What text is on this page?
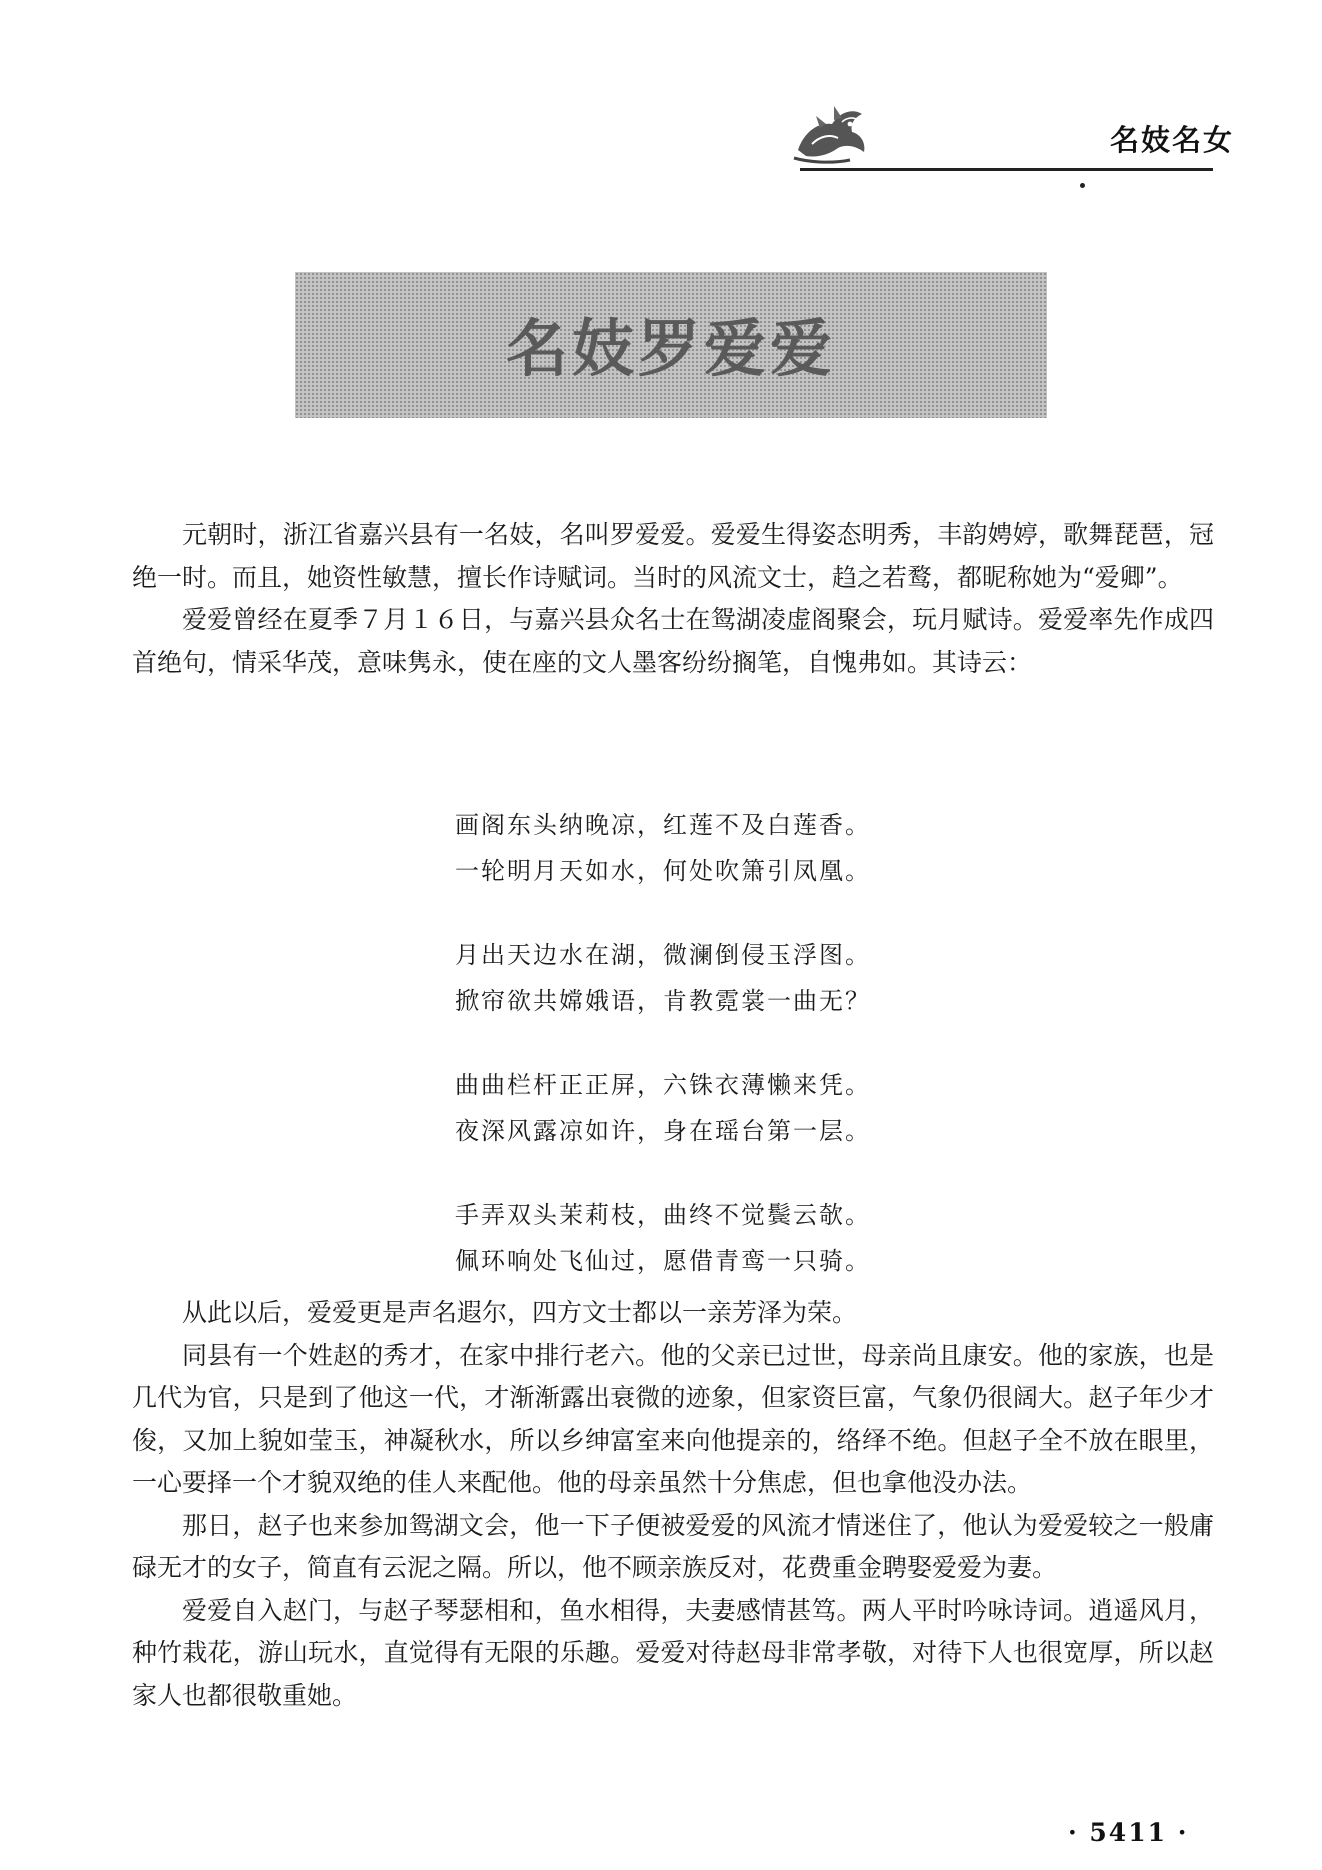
名妓名女
名妓罗爱爱

元朝时，浙江省嘉兴县有一名妓，名叫罗爱爱。爱爱生得姿态明秀，丰韵娉婷，歌舞琵琶，冠绝一时。而且，她资性敏慧，擅长作诗赋词。当时的风流文士，趋之若鹜，都昵称她为“爱卿”。

爱爱曾经在夏季７月１６日，与嘉兴县众名士在鸳湖凌虚阁聚会，玩月赋诗。爱爱率先作成四首绝句，情采华茂，意味隽永，使在座的文人墨客纷纷搁笔，自愧弗如。其诗云：

画阁东头纳晚凉，红莲不及白莲香。
一轮明月天如水，何处吹箫引凤凰。
月出天边水在湖，微澜倒侵玉浮图。
掀帘欲共嫦娥语，肯教霓裳一曲无？
曲曲栏杆正正屏，六铢衣薄懒来凭。
夜深风露凉如许，身在瑶台第一层。
手弄双头茉莉枝，曲终不觉鬓云欹。
佩环响处飞仙过，愿借青鸾一只骑。

从此以后，爱爱更是声名遐尔，四方文士都以一亲芳泽为荣。

同县有一个姓赵的秀才，在家中排行老六。他的父亲已过世，母亲尚且康安。他的家族，也是几代为官，只是到了他这一代，才渐渐露出衰微的迹象，但家资巨富，气象仍很阔大。赵子年少才俊，又加上貌如莹玉，神凝秋水，所以乡绅富室来向他提亲的，络绎不绝。但赵子全不放在眼里，一心要择一个才貌双绝的佳人来配他。他的母亲虽然十分焦虑，但也拿他没办法。

那日，赵子也来参加鸳湖文会，他一下子便被爱爱的风流才情迷住了，他认为爱爱较之一般庸碌无才的女子，简直有云泥之隔。所以，他不顾亲族反对，花费重金聘娶爱爱为妻。

爱爱自入赵门，与赵子琴瑟相和，鱼水相得，夫妻感情甚笃。两人平时吟咏诗词。逍遥风月，种竹栽花，游山玩水，直觉得有无限的乐趣。爱爱对待赵母非常孝敬，对待下人也很宽厚，所以赵家人也都很敬重她。

· 5411 ·
